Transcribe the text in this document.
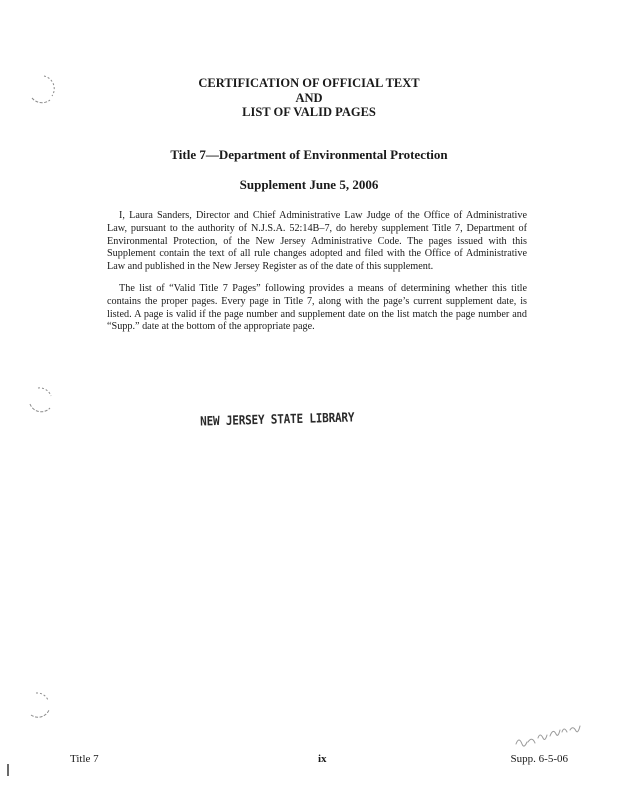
CERTIFICATION OF OFFICIAL TEXT
AND
LIST OF VALID PAGES
Title 7—Department of Environmental Protection
Supplement June 5, 2006

I, Laura Sanders, Director and Chief Administrative Law Judge of the Office of Administrative Law, pursuant to the authority of N.J.S.A. 52:14B–7, do hereby supplement Title 7, Department of Environmental Protection, of the New Jersey Administrative Code. The pages issued with this Supplement contain the text of all rule changes adopted and filed with the Office of Administrative Law and published in the New Jersey Register as of the date of this supplement.

The list of “Valid Title 7 Pages” following provides a means of determining whether this title contains the proper pages. Every page in Title 7, along with the page’s current supplement date, is listed. A page is valid if the page number and supplement date on the list match the page number and “Supp.” date at the bottom of the appropriate page.

NEW JERSEY STATE LIBRARY
Title 7	ix	Supp. 6-5-06
